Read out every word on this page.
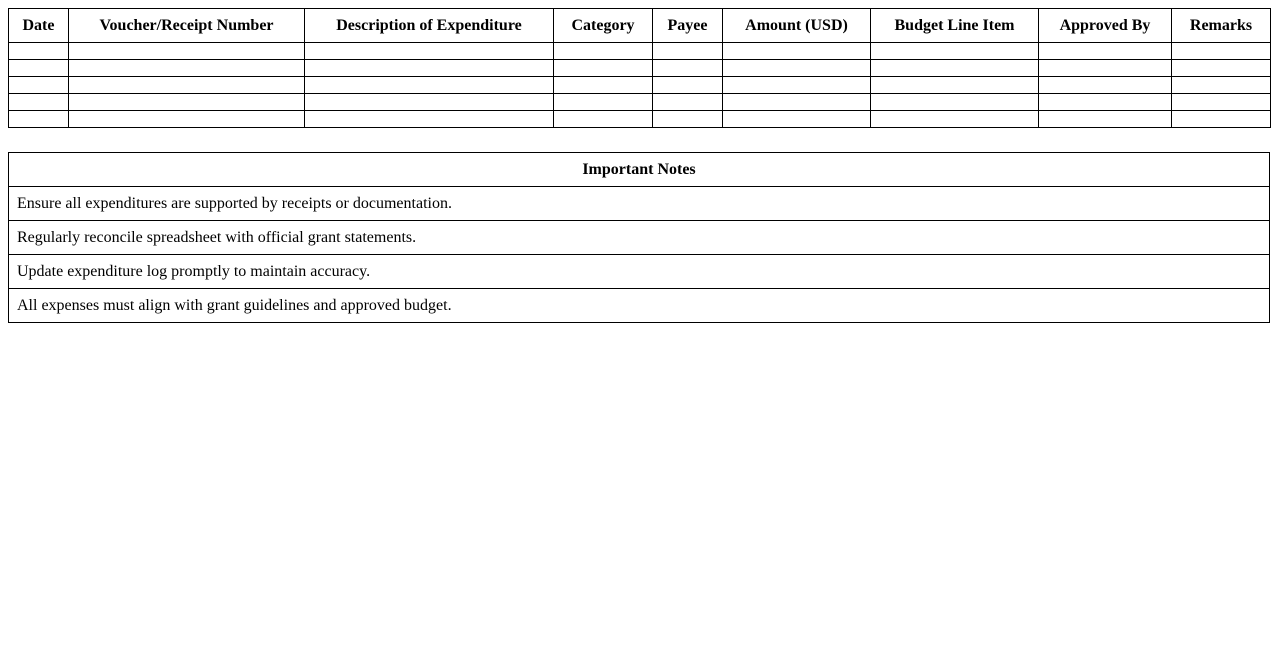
Date	Voucher/Receipt Number	Description of Expenditure	Category	Payee	Amount (USD)	Budget Line Item	Approved By	Remarks

Important Notes
Ensure all expenditures are supported by receipts or documentation.
Regularly reconcile spreadsheet with official grant statements.
Update expenditure log promptly to maintain accuracy.
All expenses must align with grant guidelines and approved budget.
